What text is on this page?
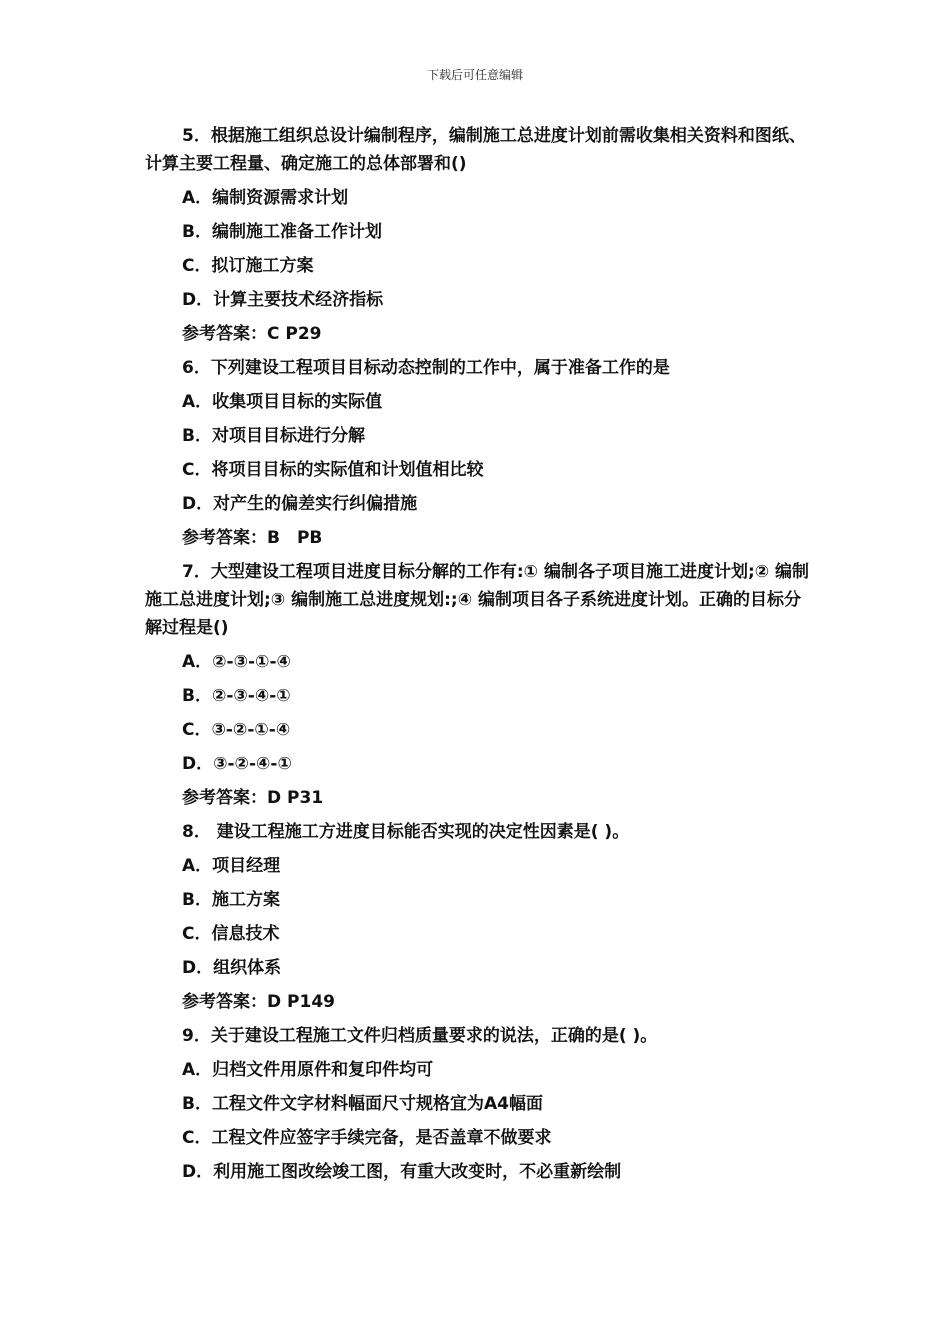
下载后可任意编辑

5．根据施工组织总设计编制程序，编制施工总进度计划前需收集相关资料和图纸、计算主要工程量、确定施工的总体部署和()

A．编制资源需求计划
B．编制施工准备工作计划
C．拟订施工方案
D．计算主要技术经济指标
参考答案：C P29

6．下列建设工程项目目标动态控制的工作中，属于准备工作的是

A．收集项目目标的实际值
B．对项目目标进行分解
C．将项目目标的实际值和计划值相比较
D．对产生的偏差实行纠偏措施
参考答案：B　PB

7．大型建设工程项目进度目标分解的工作有:① 编制各子项目施工进度计划;② 编制施工总进度计划;③ 编制施工总进度规划:;④ 编制项目各子系统进度计划。正确的目标分解过程是()

A．②-③-①-④
B．②-③-④-①
C．③-②-①-④
D．③-②-④-①
参考答案：D P31

8． 建设工程施工方进度目标能否实现的决定性因素是( )。

A．项目经理
B．施工方案
C．信息技术
D．组织体系
参考答案：D P149

9．关于建设工程施工文件归档质量要求的说法，正确的是( )。

A．归档文件用原件和复印件均可
B．工程文件文字材料幅面尺寸规格宜为A4幅面
C．工程文件应签字手续完备，是否盖章不做要求
D．利用施工图改绘竣工图，有重大改变时，不必重新绘制
